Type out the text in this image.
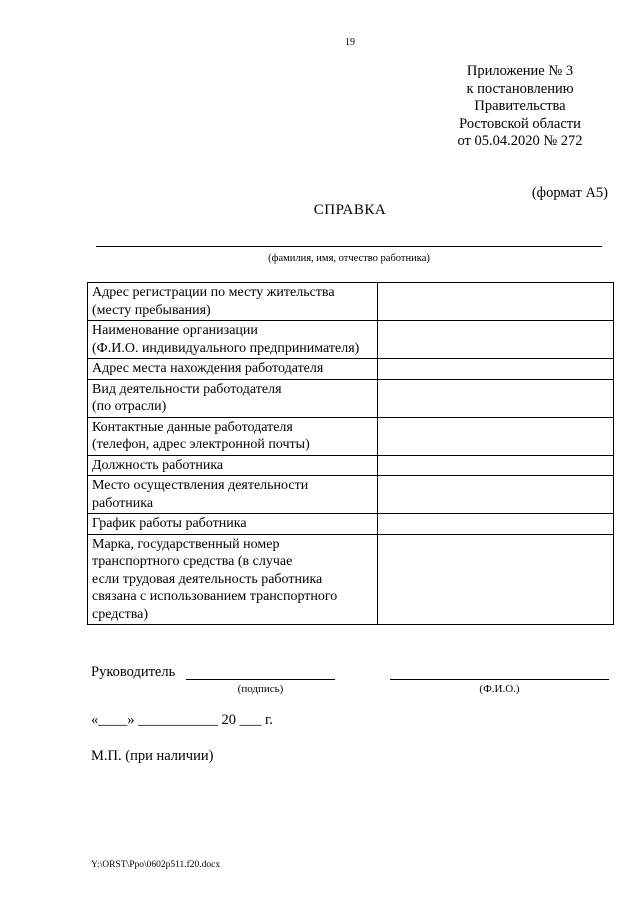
19
Приложение № 3
к постановлению
Правительства
Ростовской области
от 05.04.2020 № 272
(формат А5)
СПРАВКА
(фамилия, имя, отчество работника)
Адрес регистрации по месту жительства
(месту пребывания)	

Наименование организации
(Ф.И.О. индивидуального предпринимателя)	

Адрес места нахождения работодателя	

Вид деятельности работодателя
(по отрасли)	

Контактные данные работодателя
(телефон, адрес электронной почты)	

Должность работника	

Место осуществления деятельности
работника	

График работы работника	

Марка, государственный номер
транспортного средства (в случае
если трудовая деятельность работника
связана с использованием транспортного
средства)	

Руководитель
(подпись)	(Ф.И.О.)
«____» ___________ 20 ___ г.
М.П. (при наличии)
Y:\ORST\Ppo\0602p511.f20.docx
